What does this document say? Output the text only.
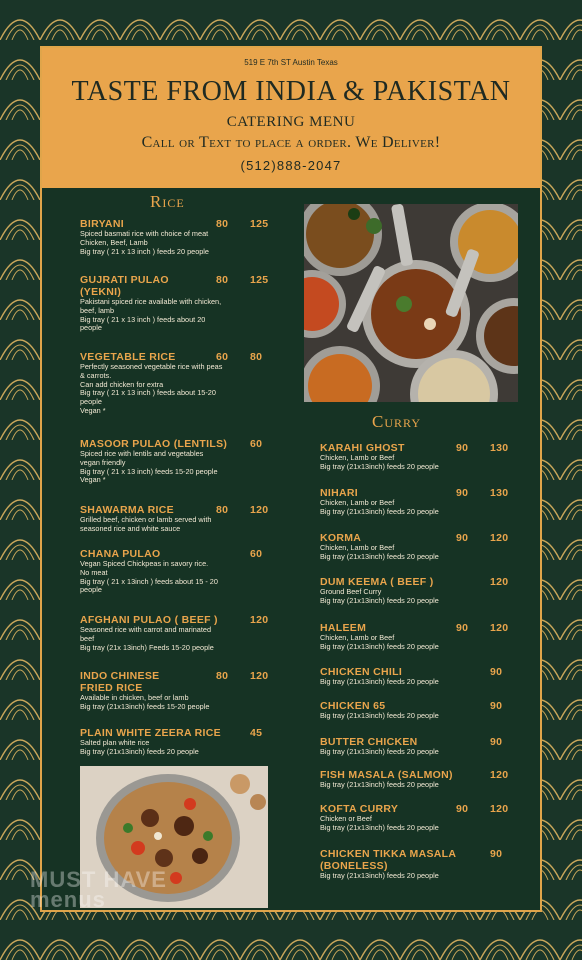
519 E 7th ST Austin Texas
TASTE FROM INDIA & PAKISTAN
CATERING MENU
Call or Text to place a order. We Deliver!
(512)888-2047
Rice
Curry
BIRYANI	80 125
Spiced basmati rice with choice of meat
Chicken, Beef, Lamb
Big tray ( 21 x 13 inch ) feeds 20 people
GUJRATI PULAO
(YEKNI)
80 125
Pakistani spiced rice available with chicken,
beef, lamb
Big tray ( 21 x 13 inch ) feeds about 20
people
VEGETABLE RICE	60 80
Perfectly seasoned vegetable rice with peas
& carrots.
Can add chicken for extra
Big tray ( 21 x 13 inch ) feeds about 15-20
people
Vegan *
MASOOR PULAO (LENTILS) 60
Spiced rice with lentils and vegetables
vegan friendly
Big tray ( 21 x 13 inch) feeds 15-20 people
Vegan *
SHAWARMA RICE	80 120
Grilled beef, chicken or lamb served with
seasoned rice and white sauce
CHANA PULAO	60
Vegan Spiced Chickpeas in savory rice.
No meat
Big tray ( 21 x 13inch ) feeds about 15 - 20
people
AFGHANI PULAO ( BEEF )	120
Seasoned rice with carrot and marinated
beef
Big tray (21x 13inch) Feeds 15-20 people
INDO CHINESE
FRIED RICE
80 120
Available in chicken, beef or lamb
Big tray (21x13inch) feeds 15-20 people
PLAIN WHITE ZEERA RICE	45
Salted plan white rice
Big tray (21x13inch) feeds 20 people
KARAHI GHOST	90 130
Chicken, Lamb or Beef
Big tray (21x13inch) feeds 20 people
NIHARI	90 130
Chicken, Lamb or Beef
Big tray (21x13inch) feeds 20 people
KORMA	90 120
Chicken, Lamb or Beef
Big tray (21x13inch) feeds 20 people
DUM KEEMA ( BEEF )	120
Ground Beef Curry
Big tray (21x13inch) feeds 20 people
HALEEM	90 120
Chicken, Lamb or Beef
Big tray (21x13inch) feeds 20 people
CHICKEN CHILI	90
Big tray (21x13inch) feeds 20 people
CHICKEN 65	90
Big tray (21x13inch) feeds 20 people
BUTTER CHICKEN	90
Big tray (21x13inch) feeds 20 people
FISH MASALA (SALMON)	120
Big tray (21x13inch) feeds 20 people
KOFTA CURRY	90 120
Chicken or Beef
Big tray (21x13inch) feeds 20 people
CHICKEN TIKKA MASALA
(BONELESS)
90
Big tray (21x13inch) feeds 20 people
MUST HAVE menus
